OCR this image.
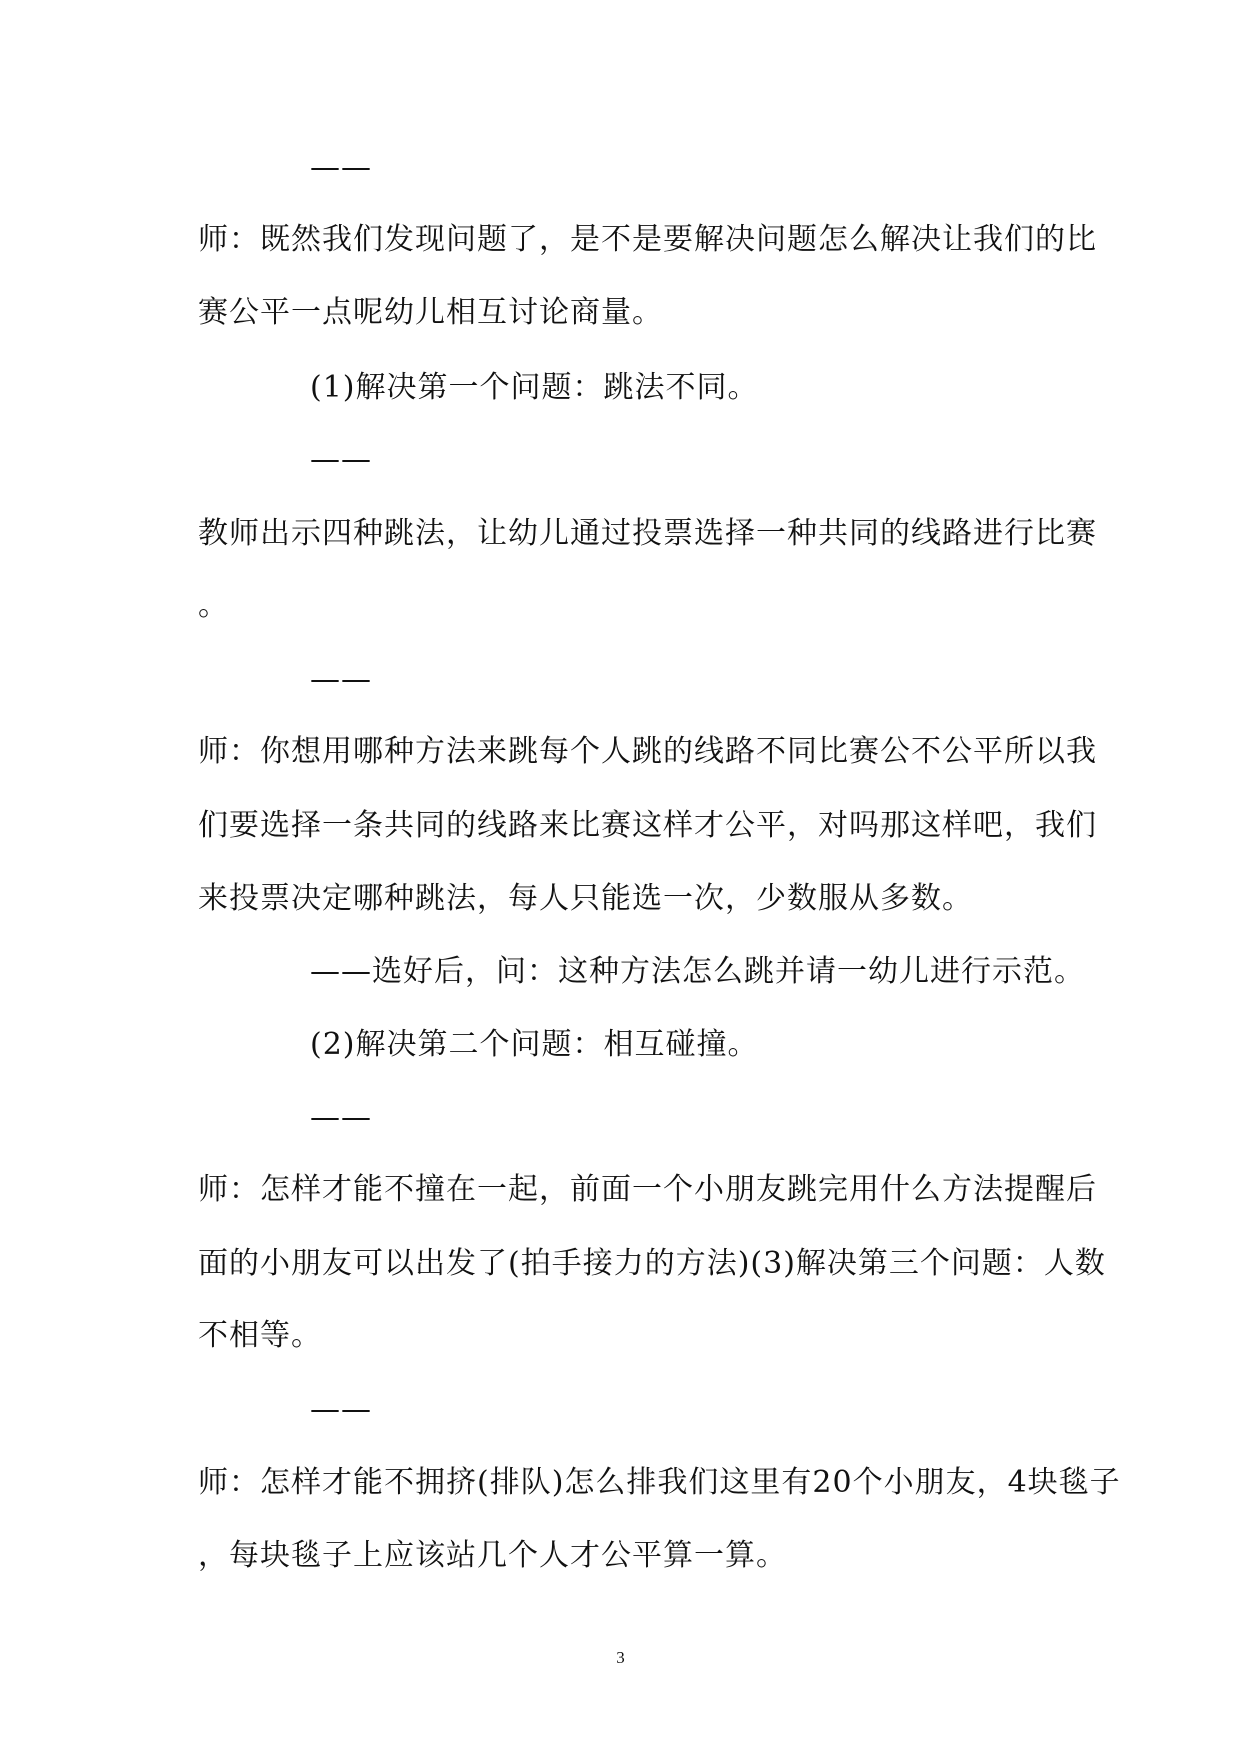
——
师：既然我们发现问题了，是不是要解决问题怎么解决让我们的比
赛公平一点呢幼儿相互讨论商量。
(1)解决第一个问题：跳法不同。
——
教师出示四种跳法，让幼儿通过投票选择一种共同的线路进行比赛
。
——
师：你想用哪种方法来跳每个人跳的线路不同比赛公不公平所以我
们要选择一条共同的线路来比赛这样才公平，对吗那这样吧，我们
来投票决定哪种跳法，每人只能选一次，少数服从多数。
——选好后，问：这种方法怎么跳并请一幼儿进行示范。
(2)解决第二个问题：相互碰撞。
——
师：怎样才能不撞在一起，前面一个小朋友跳完用什么方法提醒后
面的小朋友可以出发了(拍手接力的方法)(3)解决第三个问题：人数
不相等。
——
师：怎样才能不拥挤(排队)怎么排我们这里有20个小朋友，4块毯子
，每块毯子上应该站几个人才公平算一算。
3
